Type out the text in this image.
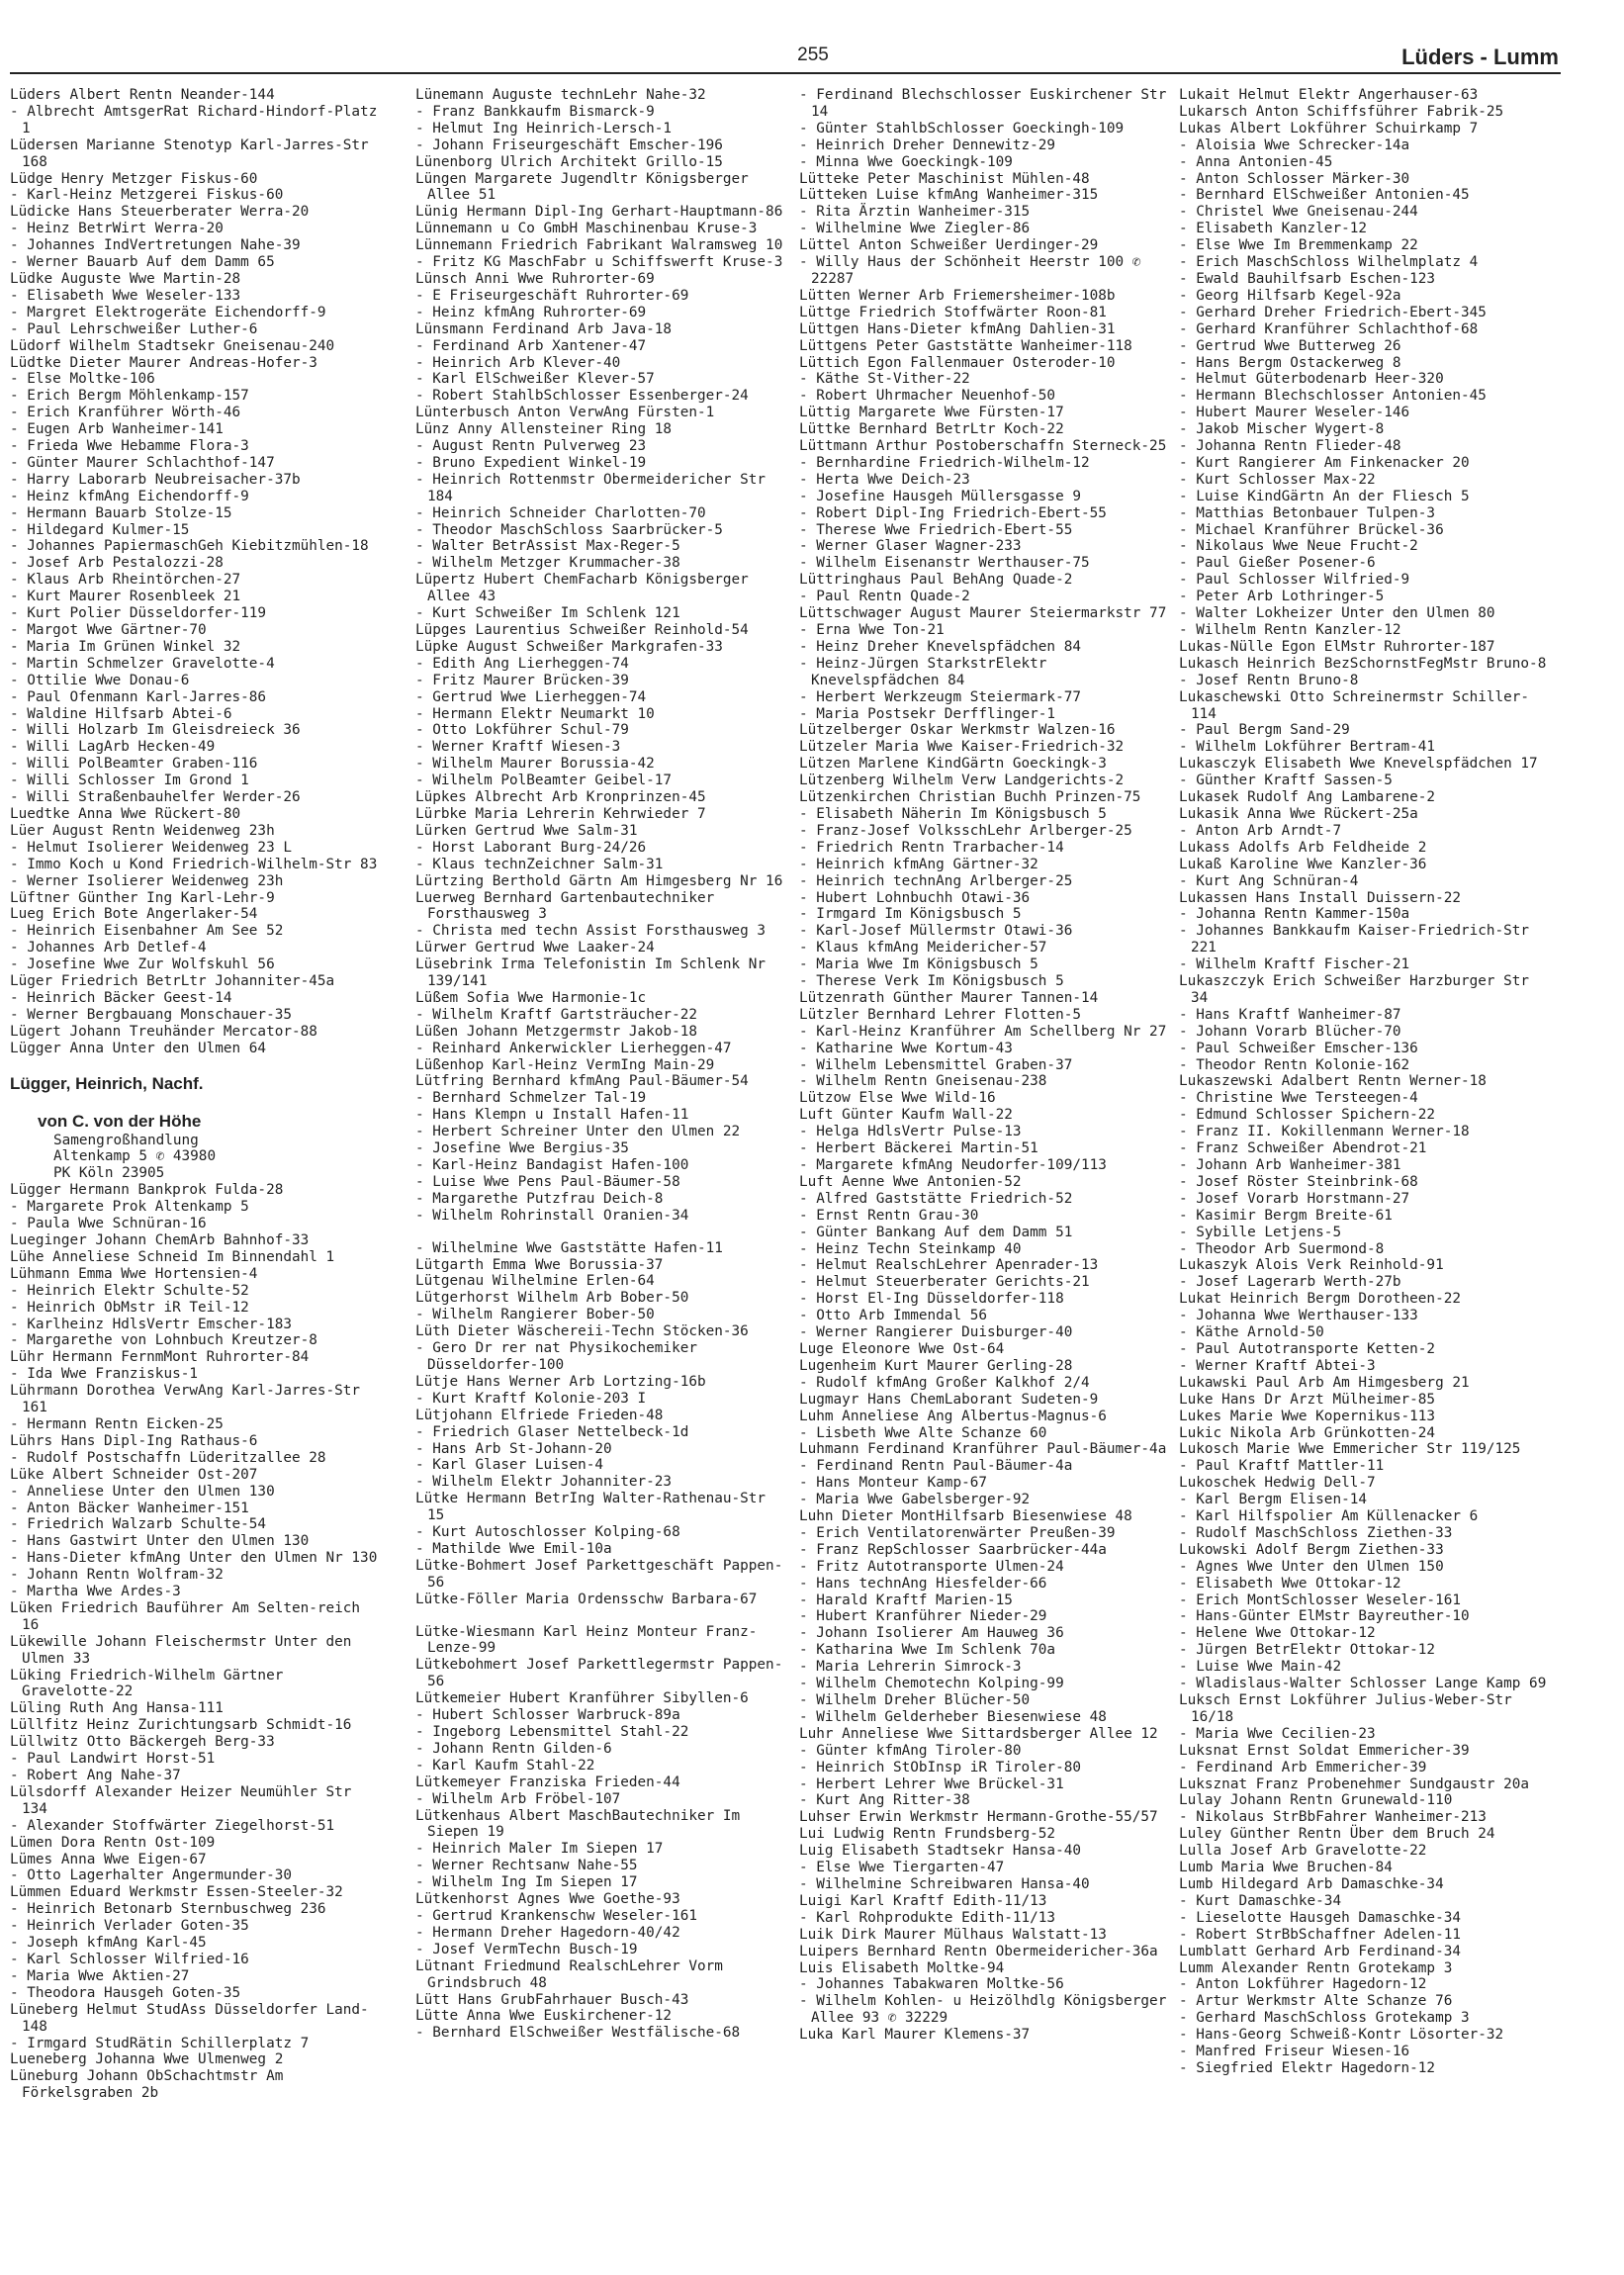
255	Lüders - Lumm
Lüders Albert Rentn Neander-144
- Albrecht AmtsgerRat Richard-Hindorf-Platz 1
Lüdersen Marianne Stenotyp Karl-Jarres-Str 168
Lüdge Henry Metzger Fiskus-60
- Karl-Heinz Metzgerei Fiskus-60
Lüdicke Hans Steuerberater Werra-20
- Heinz BetrWirt Werra-20
- Johannes IndVertretungen Nahe-39
- Werner Bauarb Auf dem Damm 65
Lüdke Auguste Wwe Martin-28
- Elisabeth Wwe Weseler-133
- Margret Elektrogeräte Eichendorff-9
- Paul Lehrschweißer Luther-6
Lüdorf Wilhelm Stadtsekr Gneisenau-240
Lüdtke Dieter Maurer Andreas-Hofer-3
- Else Moltke-106
- Erich Bergm Möhlenkamp-157
- Erich Kranführer Wörth-46
- Eugen Arb Wanheimer-141
- Frieda Wwe Hebamme Flora-3
- Günter Maurer Schlachthof-147
- Harry Laborarb Neubreisacher-37b
- Heinz kfmAng Eichendorff-9
- Hermann Bauarb Stolze-15
- Hildegard Kulmer-15
- Johannes PapiermaschGeh Kiebitzmühlen-18
- Josef Arb Pestalozzi-28
- Klaus Arb Rheintörchen-27
- Kurt Maurer Rosenbleek 21
- Kurt Polier Düsseldorfer-119
- Margot Wwe Gärtner-70
- Maria Im Grünen Winkel 32
- Martin Schmelzer Gravelotte-4
- Ottilie Wwe Donau-6
- Paul Ofenmann Karl-Jarres-86
- Waldine Hilfsarb Abtei-6
- Willi Holzarb Im Gleisdreieck 36
- Willi LagArb Hecken-49
- Willi PolBeamter Graben-116
- Willi Schlosser Im Grond 1
- Willi Straßenbauhelfer Werder-26
Luedtke Anna Wwe Rückert-80
Lüer August Rentn Weidenweg 23h
- Helmut Isolierer Weidenweg 23 L
- Immo Koch u Kond Friedrich-Wilhelm-Str 83
- Werner Isolierer Weidenweg 23h
Lüftner Günther Ing Karl-Lehr-9
Lueg Erich Bote Angerlaker-54
- Heinrich Eisenbahner Am See 52
- Johannes Arb Detlef-4
- Josefine Wwe Zur Wolfskuhl 56
Lüger Friedrich BetrLtr Johanniter-45a
- Heinrich Bäcker Geest-14
- Werner Bergbauang Monschauer-35
Lügert Johann Treuhänder Mercator-88
Lügger Anna Unter den Ulmen 64
Lügger, Heinrich, Nachf.
von C. von der Höhe
Samengroßhandlung
Altenkamp 5 ✆ 43980
PK Köln 23905
Lügger Hermann Bankprok Fulda-28
- Margarete Prok Altenkamp 5
- Paula Wwe Schnüran-16
Lueginger Johann ChemArb Bahnhof-33
Lühe Anneliese Schneid Im Binnendahl 1
Lühmann Emma Wwe Hortensien-4
- Heinrich Elektr Schulte-52
- Heinrich ObMstr iR Teil-12
- Karlheinz HdlsVertr Emscher-183
- Margarethe von Lohnbuch Kreutzer-8
Lühr Hermann FernmMont Ruhrorter-84
- Ida Wwe Franziskus-1
Lührmann Dorothea VerwAng Karl-Jarres-Str 161
- Hermann Rentn Eicken-25
Lührs Hans Dipl-Ing Rathaus-6
- Rudolf Postschaffn Lüderitzallee 28
Lüke Albert Schneider Ost-207
- Anneliese Unter den Ulmen 130
- Anton Bäcker Wanheimer-151
- Friedrich Walzarb Schulte-54
- Hans Gastwirt Unter den Ulmen 130
- Hans-Dieter kfmAng Unter den Ulmen Nr 130
- Johann Rentn Wolfram-32
- Martha Wwe Ardes-3
Lüken Friedrich Bauführer Am Selten-reich 16
Lükewille Johann Fleischermstr Unter den Ulmen 33
Lüking Friedrich-Wilhelm Gärtner Gravelotte-22
Lüling Ruth Ang Hansa-111
Lüllfitz Heinz Zurichtungsarb Schmidt-16
Lüllwitz Otto Bäckergeh Berg-33
- Paul Landwirt Horst-51
- Robert Ang Nahe-37
Lülsdorff Alexander Heizer Neumühler Str 134
- Alexander Stoffwärter Ziegelhorst-51
Lümen Dora Rentn Ost-109
Lümes Anna Wwe Eigen-67
- Otto Lagerhalter Angermunder-30
Lümmen Eduard Werkmstr Essen-Steeler-32
- Heinrich Betonarb Sternbuschweg 236
- Heinrich Verlader Goten-35
- Joseph kfmAng Karl-45
- Karl Schlosser Wilfried-16
- Maria Wwe Aktien-27
- Theodora Hausgeh Goten-35
Lüneberg Helmut StudAss Düsseldorfer Land-148
- Irmgard StudRätin Schillerplatz 7
Lueneberg Johanna Wwe Ulmenweg 2
Lüneburg Johann ObSchachtmstr Am Förkelsgraben 2b
Lünemann Auguste technLehr Nahe-32
- Franz Bankkaufm Bismarck-9
- Helmut Ing Heinrich-Lersch-1
- Johann Friseurgeschäft Emscher-196
Lünenborg Ulrich Architekt Grillo-15
Lüngen Margarete Jugendltr Königsberger Allee 51
Lünig Hermann Dipl-Ing Gerhart-Hauptmann-86
Lünnemann u Co GmbH Maschinenbau Kruse-3
Lünnemann Friedrich Fabrikant Walramsweg 10
- Fritz KG MaschFabr u Schiffswerft Kruse-3
Lünsch Anni Wwe Ruhrorter-69
- E Friseurgeschäft Ruhrorter-69
- Heinz kfmAng Ruhrorter-69
Lünsmann Ferdinand Arb Java-18
- Ferdinand Arb Xantener-47
- Heinrich Arb Klever-40
- Karl ElSchweißer Klever-57
- Robert StahlbSchlosser Essenberger-24
Lünterbusch Anton VerwAng Fürsten-1
Lünz Anny Allensteiner Ring 18
- August Rentn Pulverweg 23
- Bruno Expedient Winkel-19
- Heinrich Rottenmstr Obermeidericher Str 184
- Heinrich Schneider Charlotten-70
- Theodor MaschSchloss Saarbrücker-5
- Walter BetrAssist Max-Reger-5
- Wilhelm Metzger Krummacher-38
Lüpertz Hubert ChemFacharb Königsberger Allee 43
- Kurt Schweißer Im Schlenk 121
Lüpges Laurentius Schweißer Reinhold-54
Lüpke August Schweißer Markgrafen-33
- Edith Ang Lierheggen-74
- Fritz Maurer Brücken-39
- Gertrud Wwe Lierheggen-74
- Hermann Elektr Neumarkt 10
- Otto Lokführer Schul-79
- Werner Kraftf Wiesen-3
- Wilhelm Maurer Borussia-42
- Wilhelm PolBeamter Geibel-17
Lüpkes Albrecht Arb Kronprinzen-45
Lürbke Maria Lehrerin Kehrwieder 7
Lürken Gertrud Wwe Salm-31
- Horst Laborant Burg-24/26
- Klaus technZeichner Salm-31
Lürtzing Berthold Gärtn Am Himgesberg Nr 16
Luerweg Bernhard Gartenbautechniker Forsthausweg 3
- Christa med techn Assist Forsthausweg 3
Lürwer Gertrud Wwe Laaker-24
Lüsebrink Irma Telefonistin Im Schlenk Nr 139/141
Lüßem Sofia Wwe Harmonie-1c
- Wilhelm Kraftf Gartsträucher-22
Lüßen Johann Metzgermstr Jakob-18
- Reinhard Ankerwickler Lierheggen-47
Lüßenhop Karl-Heinz VermIng Main-29
Lütfring Bernhard kfmAng Paul-Bäumer-54
- Bernhard Schmelzer Tal-19
- Hans Klempn u Install Hafen-11
- Herbert Schreiner Unter den Ulmen 22
- Josefine Wwe Bergius-35
- Karl-Heinz Bandagist Hafen-100
- Luise Wwe Pens Paul-Bäumer-58
- Margarethe Putzfrau Deich-8
- Wilhelm Rohrinstall Oranien-34
- Wilhelmine Wwe Gaststätte Hafen-11
Lütgarth Emma Wwe Borussia-37
Lütgenau Wilhelmine Erlen-64
Lütgerhorst Wilhelm Arb Bober-50
- Wilhelm Rangierer Bober-50
Lüth Dieter Wäschereii-Techn Stöcken-36
- Gero Dr rer nat Physikochemiker Düsseldorfer-100
Lütje Hans Werner Arb Lortzing-16b
- Kurt Kraftf Kolonie-203 I
Lütjohann Elfriede Frieden-48
- Friedrich Glaser Nettelbeck-1d
- Hans Arb St-Johann-20
- Karl Glaser Luisen-4
- Wilhelm Elektr Johanniter-23
Lütke Hermann BetrIng Walter-Rathenau-Str 15
- Kurt Autoschlosser Kolping-68
- Mathilde Wwe Emil-10a
Lütke-Bohmert Josef Parkettgeschäft Pappen-56
Lütke-Föller Maria Ordensschw Barbara-67
Lütke-Wiesmann Karl Heinz Monteur Franz-Lenze-99
Lütkebohmert Josef Parkettlegermstr Pappen-56
Lütkemeier Hubert Kranführer Sibyllen-6
- Hubert Schlosser Warbruck-89a
- Ingeborg Lebensmittel Stahl-22
- Johann Rentn Gilden-6
- Karl Kaufm Stahl-22
Lütkemeyer Franziska Frieden-44
- Wilhelm Arb Fröbel-107
Lütkenhaus Albert MaschBautechniker Im Siepen 19
- Heinrich Maler Im Siepen 17
- Werner Rechtsanw Nahe-55
- Wilhelm Ing Im Siepen 17
Lütkenhorst Agnes Wwe Goethe-93
- Gertrud Krankenschw Weseler-161
- Hermann Dreher Hagedorn-40/42
- Josef VermTechn Busch-19
Lütnant Friedmund RealschLehrer Vorm Grindsbruch 48
Lütt Hans GrubFahrhauer Busch-43
Lütte Anna Wwe Euskirchener-12
- Bernhard ElSchweißer Westfälische-68
- Ferdinand Blechschlosser Euskirchener Str 14
- Günter StahlbSchlosser Goeckingh-109
- Heinrich Dreher Dennewitz-29
- Minna Wwe Goeckingk-109
Lütteke Peter Maschinist Mühlen-48
Lütteken Luise kfmAng Wanheimer-315
- Rita Ärztin Wanheimer-315
- Wilhelmine Wwe Ziegler-86
Lüttel Anton Schweißer Uerdinger-29
- Willy Haus der Schönheit Heerstr 100 ✆ 22287
Lütten Werner Arb Friemersheimer-108b
Lüttge Friedrich Stoffwärter Roon-81
Lüttgen Hans-Dieter kfmAng Dahlien-31
Lüttgens Peter Gaststätte Wanheimer-118
Lüttich Egon Fallenmauer Osteroder-10
- Käthe St-Vither-22
- Robert Uhrmacher Neuenhof-50
Lüttig Margarete Wwe Fürsten-17
Lüttke Bernhard BetrLtr Koch-22
Lüttmann Arthur Postoberschaffn Sterneck-25
- Bernhardine Friedrich-Wilhelm-12
- Herta Wwe Deich-23
- Josefine Hausgeh Müllersgasse 9
- Robert Dipl-Ing Friedrich-Ebert-55
- Therese Wwe Friedrich-Ebert-55
- Werner Glaser Wagner-233
- Wilhelm Eisenanstr Werthauser-75
Lüttringhaus Paul BehAng Quade-2
- Paul Rentn Quade-2
Lüttschwager August Maurer Steiermarkstr 77
- Erna Wwe Ton-21
- Heinz Dreher Knevelspfädchen 84
- Heinz-Jürgen StarkstrElektr Knevelspfädchen 84
- Herbert Werkzeugm Steiermark-77
- Maria Postsekr Derfflinger-1
Lützelberger Oskar Werkmstr Walzen-16
Lützeler Maria Wwe Kaiser-Friedrich-32
Lützen Marlene KindGärtn Goeckingk-3
Lützenberg Wilhelm Verw Landgerichts-2
Lützenkirchen Christian Buchh Prinzen-75
- Elisabeth Näherin Im Königsbusch 5
- Franz-Josef VolksschLehr Arlberger-25
- Friedrich Rentn Trarbacher-14
- Heinrich kfmAng Gärtner-32
- Heinrich technAng Arlberger-25
- Hubert Lohnbuchh Otawi-36
- Irmgard Im Königsbusch 5
- Karl-Josef Müllermstr Otawi-36
- Klaus kfmAng Meidericher-57
- Maria Wwe Im Königsbusch 5
- Therese Verk Im Königsbusch 5
Lützenrath Günther Maurer Tannen-14
Lützler Bernhard Lehrer Flotten-5
- Karl-Heinz Kranführer Am Schellberg Nr 27
- Katharine Wwe Kortum-43
- Wilhelm Lebensmittel Graben-37
- Wilhelm Rentn Gneisenau-238
Lützow Else Wwe Wild-16
Luft Günter Kaufm Wall-22
- Helga HdlsVertr Pulse-13
- Herbert Bäckerei Martin-51
- Margarete kfmAng Neudorfer-109/113
Luft Aenne Wwe Antonien-52
- Alfred Gaststätte Friedrich-52
- Ernst Rentn Grau-30
- Günter Bankang Auf dem Damm 51
- Heinz Techn Steinkamp 40
- Helmut RealschLehrer Apenrader-13
- Helmut Steuerberater Gerichts-21
- Horst El-Ing Düsseldorfer-118
- Otto Arb Immendal 56
- Werner Rangierer Duisburger-40
Luge Eleonore Wwe Ost-64
Lugenheim Kurt Maurer Gerling-28
- Rudolf kfmAng Großer Kalkhof 2/4
Lugmayr Hans ChemLaborant Sudeten-9
Luhm Anneliese Ang Albertus-Magnus-6
- Lisbeth Wwe Alte Schanze 60
Luhmann Ferdinand Kranführer Paul-Bäumer-4a
- Ferdinand Rentn Paul-Bäumer-4a
- Hans Monteur Kamp-67
- Maria Wwe Gabelsberger-92
Luhn Dieter MontHilfsarb Biesenwiese 48
- Erich Ventilatorenwärter Preußen-39
- Franz RepSchlosser Saarbrücker-44a
- Fritz Autotransporte Ulmen-24
- Hans technAng Hiesfelder-66
- Harald Kraftf Marien-15
- Hubert Kranführer Nieder-29
- Johann Isolierer Am Hauweg 36
- Katharina Wwe Im Schlenk 70a
- Maria Lehrerin Simrock-3
- Wilhelm Chemotechn Kolping-99
- Wilhelm Dreher Blücher-50
- Wilhelm Gelderheber Biesenwiese 48
Luhr Anneliese Wwe Sittardsberger Allee 12
- Günter kfmAng Tiroler-80
- Heinrich StObInsp iR Tiroler-80
- Herbert Lehrer Wwe Brückel-31
- Kurt Ang Ritter-38
Luhser Erwin Werkmstr Hermann-Grothe-55/57
Lui Ludwig Rentn Frundsberg-52
Luig Elisabeth Stadtsekr Hansa-40
- Else Wwe Tiergarten-47
- Wilhelmine Schreibwaren Hansa-40
Luigi Karl Kraftf Edith-11/13
- Karl Rohprodukte Edith-11/13
Luik Dirk Maurer Mülhaus Walstatt-13
Luipers Bernhard Rentn Obermeidericher-36a
Luis Elisabeth Moltke-94
- Johannes Tabakwaren Moltke-56
- Wilhelm Kohlen- u Heizölhdlg Königsberger Allee 93 ✆ 32229
Luka Karl Maurer Klemens-37
Lukait Helmut Elektr Angerhauser-63
Lukarsch Anton Schiffsführer Fabrik-25
Lukas Albert Lokführer Schuirkamp 7
- Aloisia Wwe Schrecker-14a
- Anna Antonien-45
- Anton Schlosser Märker-30
- Bernhard ElSchweißer Antonien-45
- Christel Wwe Gneisenau-244
- Elisabeth Kanzler-12
- Else Wwe Im Bremmenkamp 22
- Erich MaschSchloss Wilhelmplatz 4
- Ewald Bauhilfsarb Eschen-123
- Georg Hilfsarb Kegel-92a
- Gerhard Dreher Friedrich-Ebert-345
- Gerhard Kranführer Schlachthof-68
- Gertrud Wwe Butterweg 26
- Hans Bergm Ostackerweg 8
- Helmut Güterbodenarb Heer-320
- Hermann Blechschlosser Antonien-45
- Hubert Maurer Weseler-146
- Jakob Mischer Wygert-8
- Johanna Rentn Flieder-48
- Kurt Rangierer Am Finkenacker 20
- Kurt Schlosser Max-22
- Luise KindGärtn An der Fliesch 5
- Matthias Betonbauer Tulpen-3
- Michael Kranführer Brückel-36
- Nikolaus Wwe Neue Frucht-2
- Paul Gießer Posener-6
- Paul Schlosser Wilfried-9
- Peter Arb Lothringer-5
- Walter Lokheizer Unter den Ulmen 80
- Wilhelm Rentn Kanzler-12
Lukas-Nülle Egon ElMstr Ruhrorter-187
Lukasch Heinrich BezSchornstFegMstr Bruno-8
- Josef Rentn Bruno-8
Lukaschewski Otto Schreinermstr Schiller-114
- Paul Bergm Sand-29
- Wilhelm Lokführer Bertram-41
Lukasczyk Elisabeth Wwe Knevelspfädchen 17
- Günther Kraftf Sassen-5
Lukasek Rudolf Ang Lambarene-2
Lukasik Anna Wwe Rückert-25a
- Anton Arb Arndt-7
Lukass Adolfs Arb Feldheide 2
Lukaß Karoline Wwe Kanzler-36
- Kurt Ang Schnüran-4
Lukassen Hans Install Duissern-22
- Johanna Rentn Kammer-150a
- Johannes Bankkaufm Kaiser-Friedrich-Str 221
- Wilhelm Kraftf Fischer-21
Lukaszczyk Erich Schweißer Harzburger Str 34
- Hans Kraftf Wanheimer-87
- Johann Vorarb Blücher-70
- Paul Schweißer Emscher-136
- Theodor Rentn Kolonie-162
Lukaszewski Adalbert Rentn Werner-18
- Christine Wwe Tersteegen-4
- Edmund Schlosser Spichern-22
- Franz II. Kokillenmann Werner-18
- Franz Schweißer Abendrot-21
- Johann Arb Wanheimer-381
- Josef Röster Steinbrink-68
- Josef Vorarb Horstmann-27
- Kasimir Bergm Breite-61
- Sybille Letjens-5
- Theodor Arb Suermond-8
Lukaszyk Alois Verk Reinhold-91
- Josef Lagerarb Werth-27b
Lukat Heinrich Bergm Dorotheen-22
- Johanna Wwe Werthauser-133
- Käthe Arnold-50
- Paul Autotransporte Ketten-2
- Werner Kraftf Abtei-3
Lukawski Paul Arb Am Himgesberg 21
Luke Hans Dr Arzt Mülheimer-85
Lukes Marie Wwe Kopernikus-113
Lukic Nikola Arb Grünkotten-24
Lukosch Marie Wwe Emmericher Str 119/125
- Paul Kraftf Mattler-11
Lukoschek Hedwig Dell-7
- Karl Bergm Elisen-14
- Karl Hilfspolier Am Küllenacker 6
- Rudolf MaschSchloss Ziethen-33
Lukowski Adolf Bergm Ziethen-33
- Agnes Wwe Unter den Ulmen 150
- Elisabeth Wwe Ottokar-12
- Erich MontSchlosser Weseler-161
- Hans-Günter ElMstr Bayreuther-10
- Helene Wwe Ottokar-12
- Jürgen BetrElektr Ottokar-12
- Luise Wwe Main-42
- Wladislaus-Walter Schlosser Lange Kamp 69
Luksch Ernst Lokführer Julius-Weber-Str 16/18
- Maria Wwe Cecilien-23
Luksnat Ernst Soldat Emmericher-39
- Ferdinand Arb Emmericher-39
Luksznat Franz Probenehmer Sundgaustr 20a
Lulay Johann Rentn Grunewald-110
- Nikolaus StrBbFahrer Wanheimer-213
Luley Günther Rentn Über dem Bruch 24
Lulla Josef Arb Gravelotte-22
Lumb Maria Wwe Bruchen-84
Lumb Hildegard Arb Damaschke-34
- Kurt Damaschke-34
- Lieselotte Hausgeh Damaschke-34
- Robert StrBbSchaffner Adelen-11
Lumblatt Gerhard Arb Ferdinand-34
Lumm Alexander Rentn Grotekamp 3
- Anton Lokführer Hagedorn-12
- Artur Werkmstr Alte Schanze 76
- Gerhard MaschSchloss Grotekamp 3
- Hans-Georg Schweiß-Kontr Lösorter-32
- Manfred Friseur Wiesen-16
- Siegfried Elektr Hagedorn-12
